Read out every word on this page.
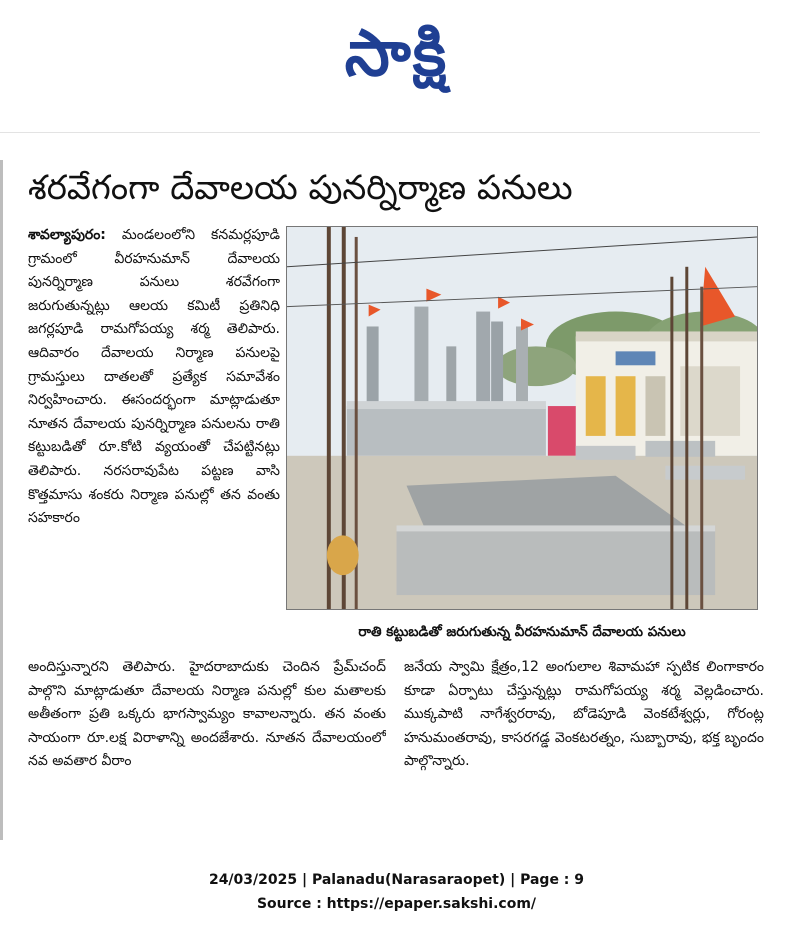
సాక్షి
శరవేగంగా దేవాలయ పునర్నిర్మాణ పనులు
శావల్యాపురం: మండలంలోని కనమర్లపూడి గ్రామంలో వీరహనుమాన్ దేవాలయ పునర్నిర్మాణ పనులు శరవేగంగా జరుగుతున్నట్లు ఆలయ కమిటీ ప్రతినిధి జగర్లపూడి రామగోపయ్య శర్మ తెలిపారు. ఆదివారం దేవాలయ నిర్మాణ పనులపై గ్రామస్తులు దాతలతో ప్రత్యేక సమావేశం నిర్వహించారు. ఈసందర్భంగా మాట్లాడుతూ నూతన దేవాలయ పునర్నిర్మాణ పనులను రాతి కట్టుబడితో రూ.కోటి వ్యయంతో చేపట్టినట్లు తెలిపారు. నరసరావుపేట పట్టణ వాసి కొత్తమాసు శంకరు నిర్మాణ పనుల్లో తన వంతు సహకారం
రాతి కట్టుబడితో జరుగుతున్న వీరహనుమాన్ దేవాలయ పనులు
అందిస్తున్నారని తెలిపారు. హైదరాబాదుకు చెందిన ప్రేమ్‌చంద్ పాల్గొని మాట్లాడుతూ దేవాలయ నిర్మాణ పనుల్లో కుల మతాలకు అతీతంగా ప్రతి ఒక్కరు భాగస్వామ్యం కావాలన్నారు. తన వంతు సాయంగా రూ.లక్ష విరాళాన్ని అందజేశారు. నూతన దేవాలయంలో నవ అవతార వీరాం
జనేయ స్వామి క్షేత్రం,12 అంగులాల శివామహా స్పటిక లింగాకారం కూడా ఏర్పాటు చేస్తున్నట్లు రామగోపయ్య శర్మ వెల్లడించారు. ముక్కపాటి నాగేశ్వరరావు, బోడెపూడి వెంకటేశ్వర్లు, గోరంట్ల హనుమంతరావు, కాసరగడ్డ వెంకటరత్నం, సుబ్బారావు, భక్త బృందం పాల్గొన్నారు.
24/03/2025 | Palanadu(Narasaraopet) | Page : 9
Source : https://epaper.sakshi.com/
